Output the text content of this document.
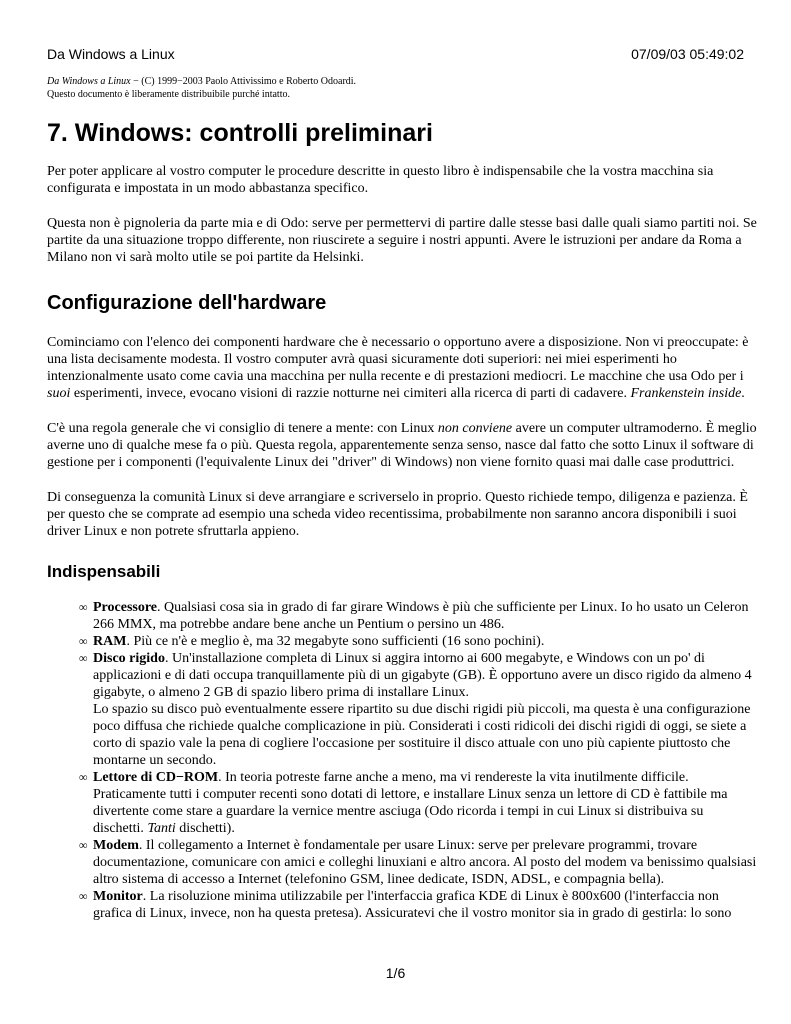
Da Windows a Linux	07/09/03 05:49:02
Da Windows a Linux − (C) 1999−2003 Paolo Attivissimo e Roberto Odoardi.
Questo documento è liberamente distribuibile purché intatto.
7. Windows: controlli preliminari

Per poter applicare al vostro computer le procedure descritte in questo libro è indispensabile che la vostra macchina sia configurata e impostata in un modo abbastanza specifico.

Questa non è pignoleria da parte mia e di Odo: serve per permettervi di partire dalle stesse basi dalle quali siamo partiti noi. Se partite da una situazione troppo differente, non riuscirete a seguire i nostri appunti. Avere le istruzioni per andare da Roma a Milano non vi sarà molto utile se poi partite da Helsinki.

Configurazione dell'hardware

Cominciamo con l'elenco dei componenti hardware che è necessario o opportuno avere a disposizione. Non vi preoccupate: è una lista decisamente modesta. Il vostro computer avrà quasi sicuramente doti superiori: nei miei esperimenti ho intenzionalmente usato come cavia una macchina per nulla recente e di prestazioni mediocri. Le macchine che usa Odo per i suoi esperimenti, invece, evocano visioni di razzie notturne nei cimiteri alla ricerca di parti di cadavere. Frankenstein inside.

C'è una regola generale che vi consiglio di tenere a mente: con Linux non conviene avere un computer ultramoderno. È meglio averne uno di qualche mese fa o più. Questa regola, apparentemente senza senso, nasce dal fatto che sotto Linux il software di gestione per i componenti (l'equivalente Linux dei "driver" di Windows) non viene fornito quasi mai dalle case produttrici.

Di conseguenza la comunità Linux si deve arrangiare e scriverselo in proprio. Questo richiede tempo, diligenza e pazienza. È per questo che se comprate ad esempio una scheda video recentissima, probabilmente non saranno ancora disponibili i suoi driver Linux e non potrete sfruttarla appieno.

Indispensabili
∞ Processore. Qualsiasi cosa sia in grado di far girare Windows è più che sufficiente per Linux. Io ho usato un Celeron 266 MMX, ma potrebbe andare bene anche un Pentium o persino un 486.
∞ RAM. Più ce n'è e meglio è, ma 32 megabyte sono sufficienti (16 sono pochini).
∞ Disco rigido. Un'installazione completa di Linux si aggira intorno ai 600 megabyte, e Windows con un po' di applicazioni e di dati occupa tranquillamente più di un gigabyte (GB). È opportuno avere un disco rigido da almeno 4 gigabyte, o almeno 2 GB di spazio libero prima di installare Linux.
Lo spazio su disco può eventualmente essere ripartito su due dischi rigidi più piccoli, ma questa è una configurazione poco diffusa che richiede qualche complicazione in più. Considerati i costi ridicoli dei dischi rigidi di oggi, se siete a corto di spazio vale la pena di cogliere l'occasione per sostituire il disco attuale con uno più capiente piuttosto che montarne un secondo.
∞ Lettore di CD−ROM. In teoria potreste farne anche a meno, ma vi rendereste la vita inutilmente difficile. Praticamente tutti i computer recenti sono dotati di lettore, e installare Linux senza un lettore di CD è fattibile ma divertente come stare a guardare la vernice mentre asciuga (Odo ricorda i tempi in cui Linux si distribuiva su dischetti. Tanti dischetti).
∞ Modem. Il collegamento a Internet è fondamentale per usare Linux: serve per prelevare programmi, trovare documentazione, comunicare con amici e colleghi linuxiani e altro ancora. Al posto del modem va benissimo qualsiasi altro sistema di accesso a Internet (telefonino GSM, linee dedicate, ISDN, ADSL, e compagnia bella).
∞ Monitor. La risoluzione minima utilizzabile per l'interfaccia grafica KDE di Linux è 800x600 (l'interfaccia non grafica di Linux, invece, non ha questa pretesa). Assicuratevi che il vostro monitor sia in grado di gestirla: lo sono
1/6
